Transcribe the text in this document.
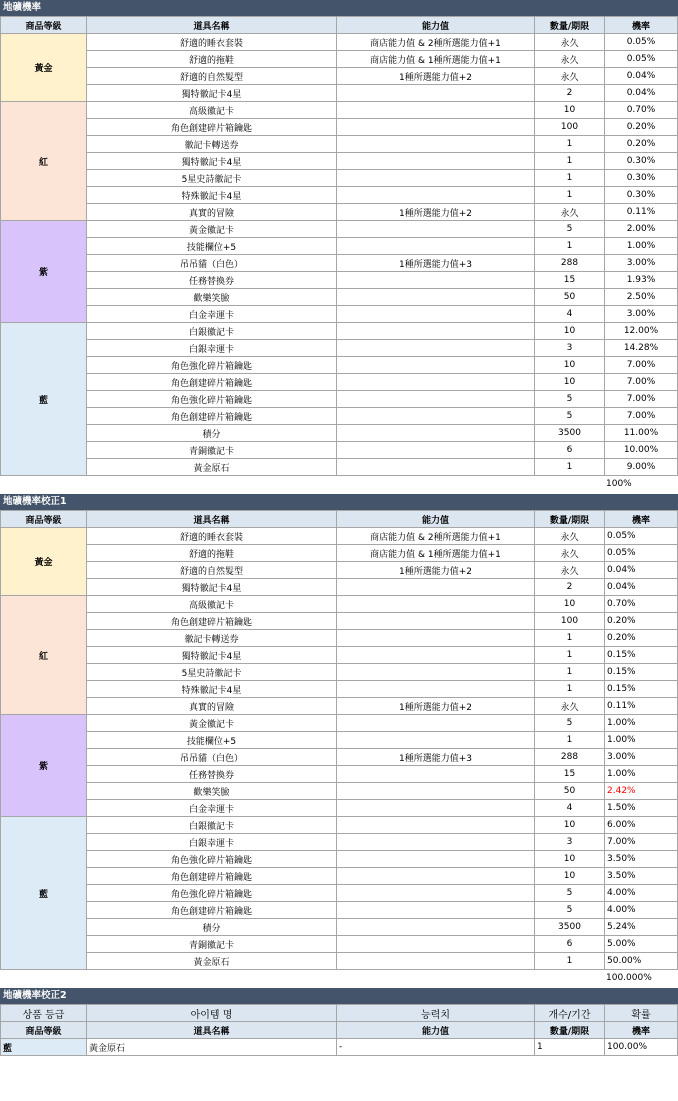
地礦機率
商品等級	道具名稱	能力值	數量/期限	機率
黃金	舒適的睡衣套裝	商店能力值 & 2種所選能力值+1	永久	0.05%
	舒適的拖鞋	商店能力值 & 1種所選能力值+1	永久	0.05%
	舒適的自然髮型	1種所選能力值+2	永久	0.04%
	獨特徽記卡4星		2	0.04%
紅	高級徽記卡		10	0.70%
	角色創建碎片箱鑰匙		100	0.20%
	徽記卡轉送券		1	0.20%
	獨特徽記卡4星		1	0.30%
	5星史詩徽記卡		1	0.30%
	特殊徽記卡4星		1	0.30%
	真實的冒險	1種所選能力值+2	永久	0.11%
紫	黃金徽記卡		5	2.00%
	技能欄位+5		1	1.00%
	吊吊貓（白色）	1種所選能力值+3	288	3.00%
	任務替換券		15	1.93%
	歡樂笑臉		50	2.50%
	白金幸運卡		4	3.00%
藍	白銀徽記卡		10	12.00%
	白銀幸運卡		3	14.28%
	角色強化碎片箱鑰匙		10	7.00%
	角色創建碎片箱鑰匙		10	7.00%
	角色強化碎片箱鑰匙		5	7.00%
	角色創建碎片箱鑰匙		5	7.00%
	積分		3500	11.00%
	青銅徽記卡		6	10.00%
	黃金原石		1	9.00%
100%
地礦機率校正1
商品等級	道具名稱	能力值	數量/期限	機率
黃金	舒適的睡衣套裝	商店能力值 & 2種所選能力值+1	永久	0.05%
	舒適的拖鞋	商店能力值 & 1種所選能力值+1	永久	0.05%
	舒適的自然髮型	1種所選能力值+2	永久	0.04%
	獨特徽記卡4星		2	0.04%
紅	高級徽記卡		10	0.70%
	角色創建碎片箱鑰匙		100	0.20%
	徽記卡轉送券		1	0.20%
	獨特徽記卡4星		1	0.15%
	5星史詩徽記卡		1	0.15%
	特殊徽記卡4星		1	0.15%
	真實的冒險	1種所選能力值+2	永久	0.11%
紫	黃金徽記卡		5	1.00%
	技能欄位+5		1	1.00%
	吊吊貓（白色）	1種所選能力值+3	288	3.00%
	任務替換券		15	1.00%
	歡樂笑臉		50	2.42%
	白金幸運卡		4	1.50%
藍	白銀徽記卡		10	6.00%
	白銀幸運卡		3	7.00%
	角色強化碎片箱鑰匙		10	3.50%
	角色創建碎片箱鑰匙		10	3.50%
	角色強化碎片箱鑰匙		5	4.00%
	角色創建碎片箱鑰匙		5	4.00%
	積分		3500	5.24%
	青銅徽記卡		6	5.00%
	黃金原石		1	50.00%
100.000%
地礦機率校正2
상품 등급	아이템 명	능력치	개수/기간	확률
商品等級	道具名稱	能力值	數量/期限	機率
藍	黃金原石	-	1	100.00%
